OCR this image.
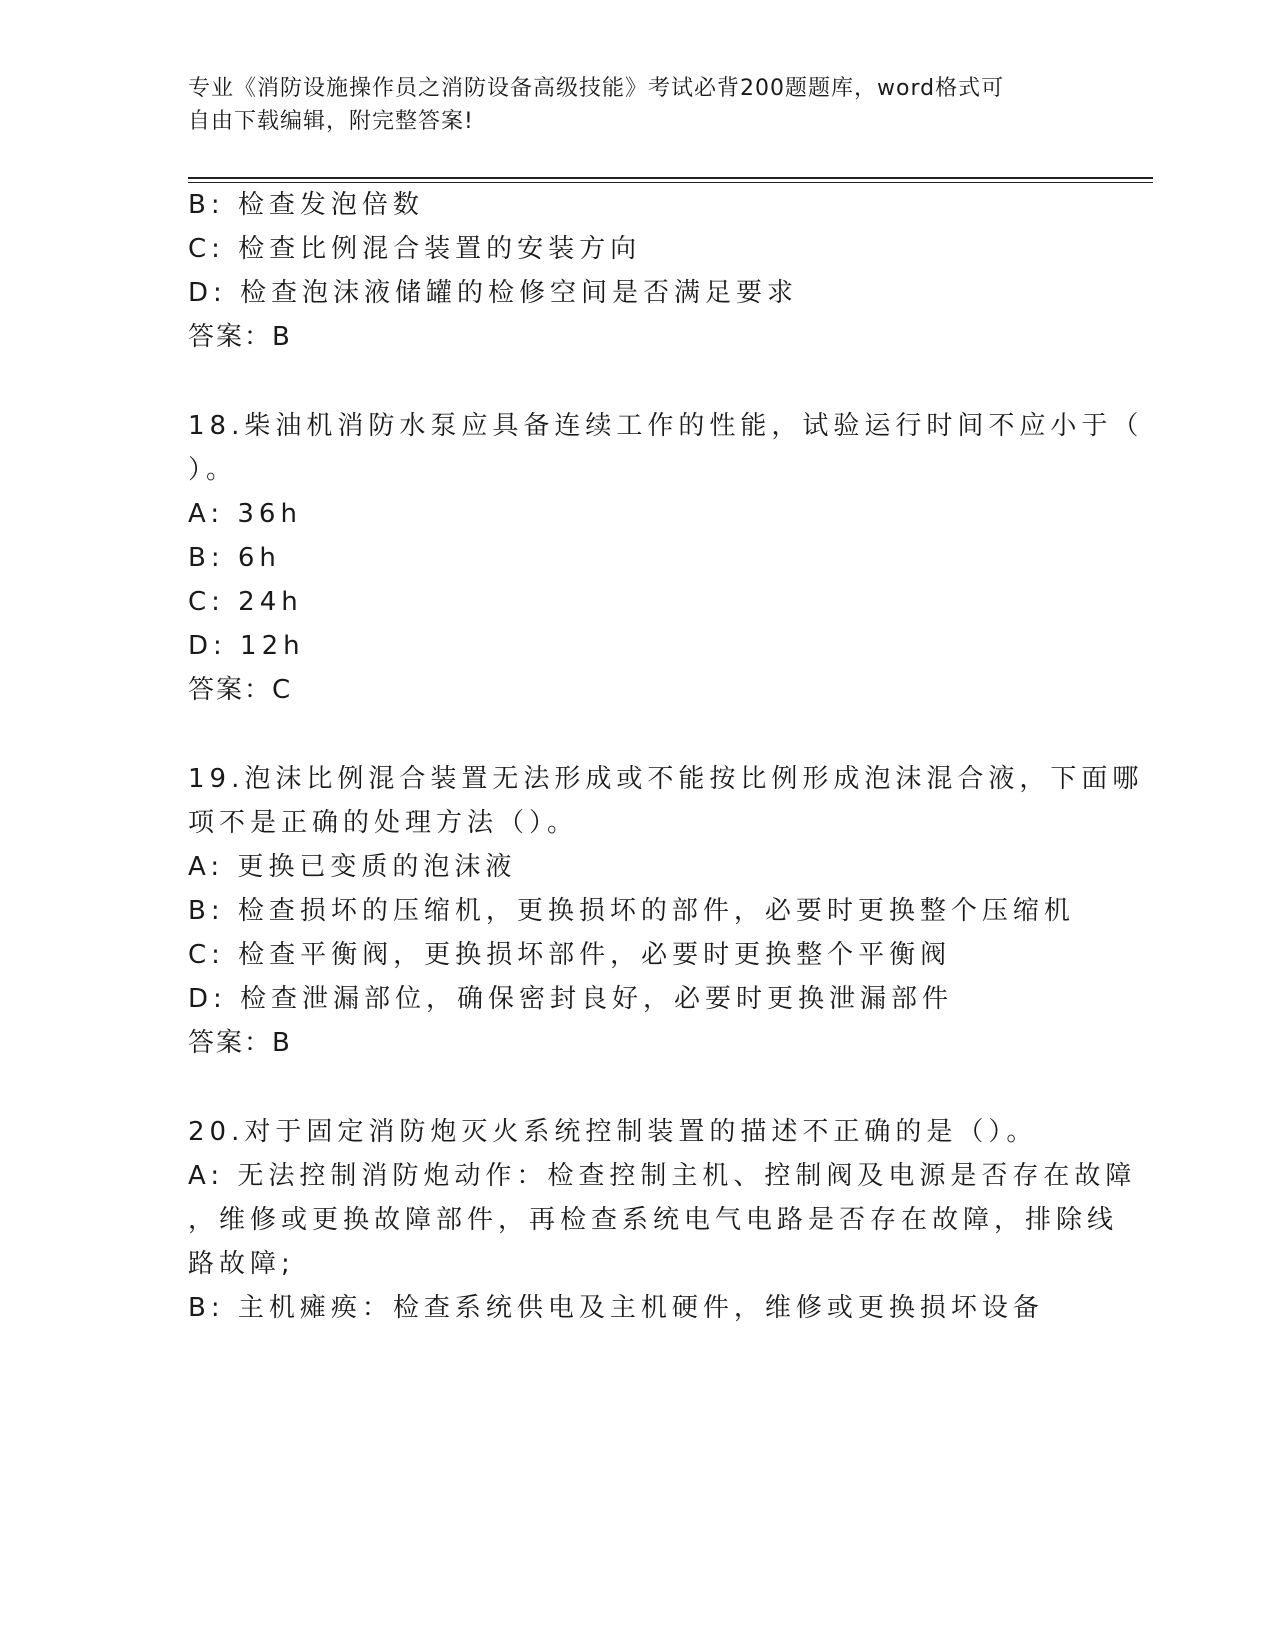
专业《消防设施操作员之消防设备高级技能》考试必背200题题库，word格式可
自由下载编辑，附完整答案!
B: 检查发泡倍数
C: 检查比例混合装置的安装方向
D: 检查泡沫液储罐的检修空间是否满足要求
答案：B
18.柴油机消防水泵应具备连续工作的性能，试验运行时间不应小于（
）。
A: 36h
B: 6h
C: 24h
D: 12h
答案：C
19.泡沫比例混合装置无法形成或不能按比例形成泡沫混合液，下面哪
项不是正确的处理方法（）。
A: 更换已变质的泡沫液
B: 检查损坏的压缩机，更换损坏的部件，必要时更换整个压缩机
C: 检查平衡阀，更换损坏部件，必要时更换整个平衡阀
D: 检查泄漏部位，确保密封良好，必要时更换泄漏部件
答案：B
20.对于固定消防炮灭火系统控制装置的描述不正确的是（）。
A: 无法控制消防炮动作：检查控制主机、控制阀及电源是否存在故障
，维修或更换故障部件，再检查系统电气电路是否存在故障，排除线
路故障;
B: 主机瘫痪：检查系统供电及主机硬件，维修或更换损坏设备
